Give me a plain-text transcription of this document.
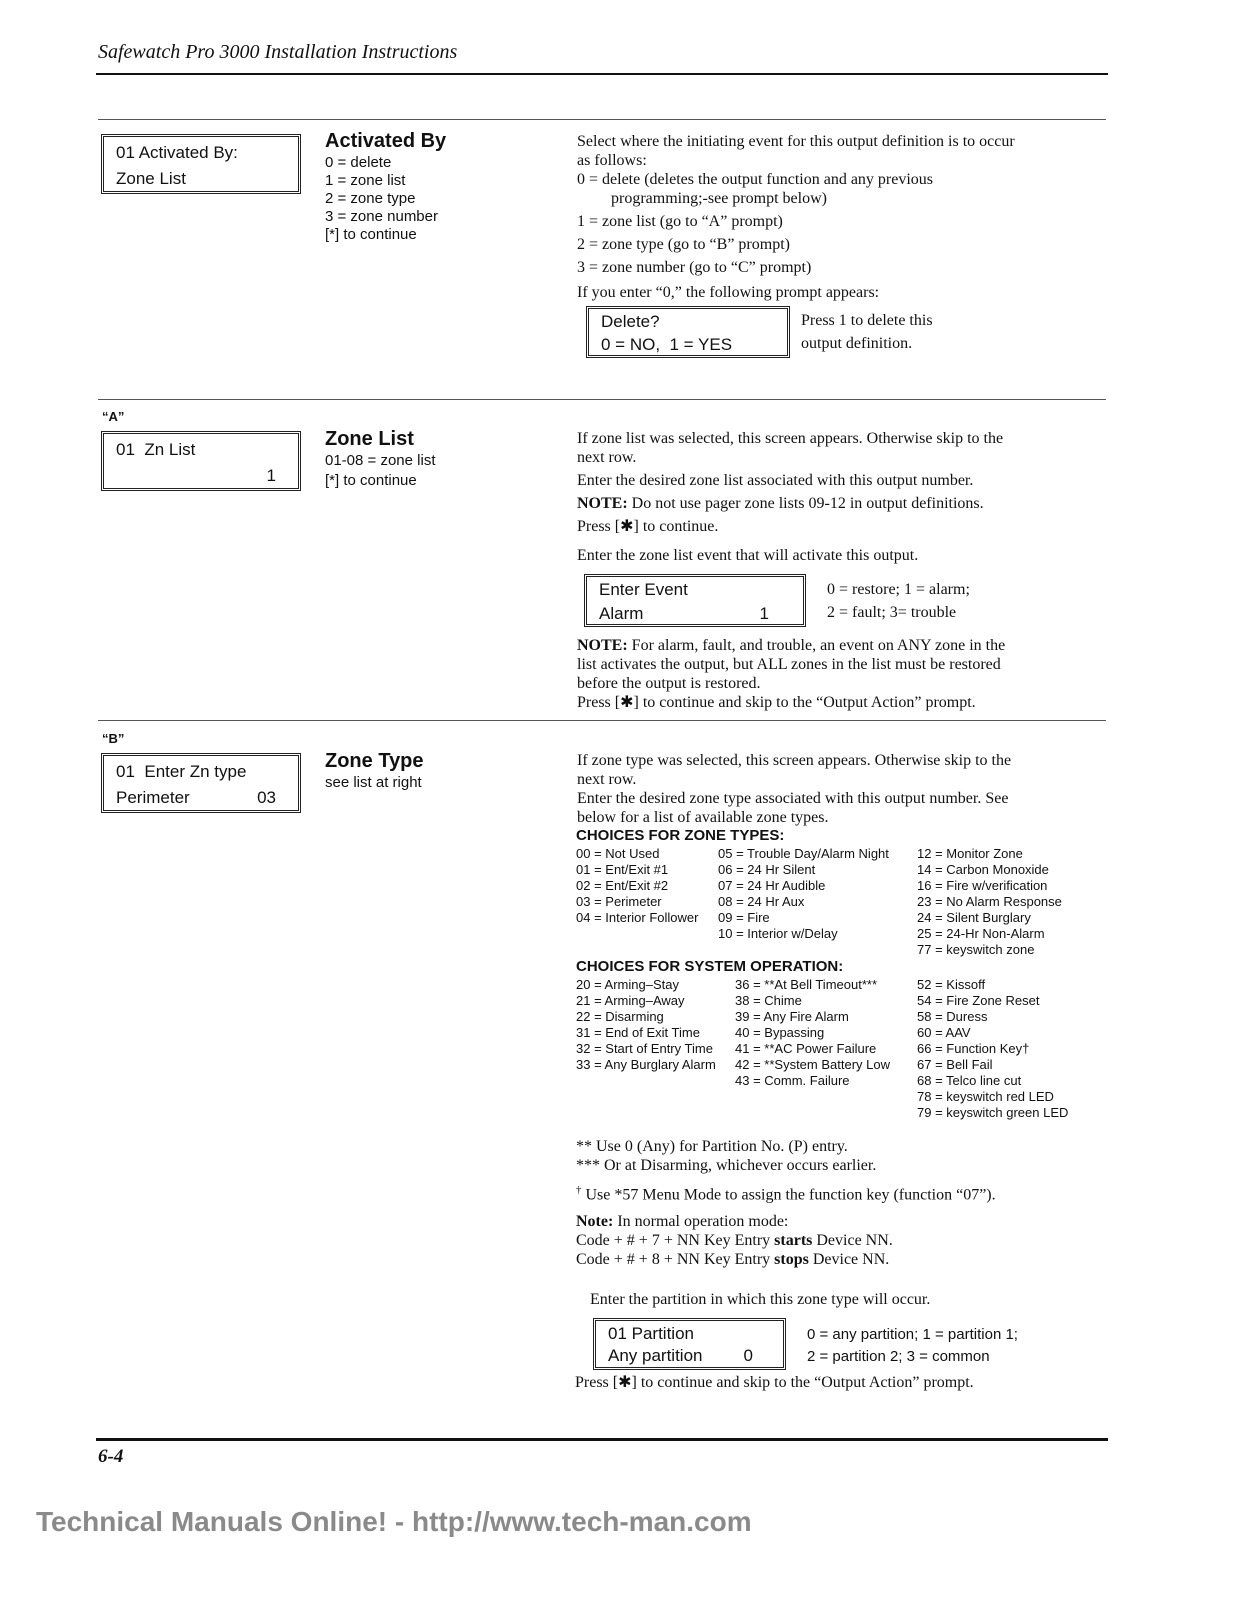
Safewatch Pro 3000 Installation Instructions
01 Activated By:
Zone List
Activated By
0 = delete
1 = zone list
2 = zone type
3 = zone number
[*] to continue
Select where the initiating event for this output definition is to occur
as follows:
0 = delete (deletes the output function and any previous
programming;-see prompt below)
1 = zone list (go to “A” prompt)
2 = zone type (go to “B” prompt)
3 = zone number (go to “C” prompt)
If you enter “0,” the following prompt appears:
Delete?
0 = NO,  1 = YES
Press 1 to delete this
output definition.
“A”
01  Zn List
1
Zone List
01-08 = zone list
[*] to continue
If zone list was selected, this screen appears. Otherwise skip to the
next row.
Enter the desired zone list associated with this output number.
NOTE: Do not use pager zone lists 09-12 in output definitions.
Press [✱] to continue.
Enter the zone list event that will activate this output.
Enter Event
Alarm	1
0 = restore; 1 = alarm;
2 = fault; 3= trouble
NOTE: For alarm, fault, and trouble, an event on ANY zone in the
list activates the output, but ALL zones in the list must be restored
before the output is restored.
Press [✱] to continue and skip to the “Output Action” prompt.
“B”
01  Enter Zn type
Perimeter	03
Zone Type
see list at right
If zone type was selected, this screen appears. Otherwise skip to the
next row.
Enter the desired zone type associated with this output number. See
below for a list of available zone types.
CHOICES FOR ZONE TYPES:
00 = Not Used
01 = Ent/Exit #1
02 = Ent/Exit #2
03 = Perimeter
04 = Interior Follower
05 = Trouble Day/Alarm Night
06 = 24 Hr Silent
07 = 24 Hr Audible
08 = 24 Hr Aux
09 = Fire
10 = Interior w/Delay
12 = Monitor Zone
14 = Carbon Monoxide
16 = Fire w/verification
23 = No Alarm Response
24 = Silent Burglary
25 = 24-Hr Non-Alarm
77 = keyswitch zone
CHOICES FOR SYSTEM OPERATION:
20 = Arming–Stay
21 = Arming–Away
22 = Disarming
31 = End of Exit Time
32 = Start of Entry Time
33 = Any Burglary Alarm
36 = **At Bell Timeout***
38 = Chime
39 = Any Fire Alarm
40 = Bypassing
41 = **AC Power Failure
42 = **System Battery Low
43 = Comm. Failure
52 = Kissoff
54 = Fire Zone Reset
58 = Duress
60 = AAV
66 = Function Key†
67 = Bell Fail
68 = Telco line cut
78 = keyswitch red LED
79 = keyswitch green LED
** Use 0 (Any) for Partition No. (P) entry.
*** Or at Disarming, whichever occurs earlier.
† Use *57 Menu Mode to assign the function key (function “07”).
Note: In normal operation mode:
Code + # + 7 + NN Key Entry starts Device NN.
Code + # + 8 + NN Key Entry stops Device NN.
Enter the partition in which this zone type will occur.
01 Partition
Any partition 0
0 = any partition; 1 = partition 1;
2 = partition 2; 3 = common
Press [✱] to continue and skip to the “Output Action” prompt.
6-4
Technical Manuals Online! - http://www.tech-man.com
